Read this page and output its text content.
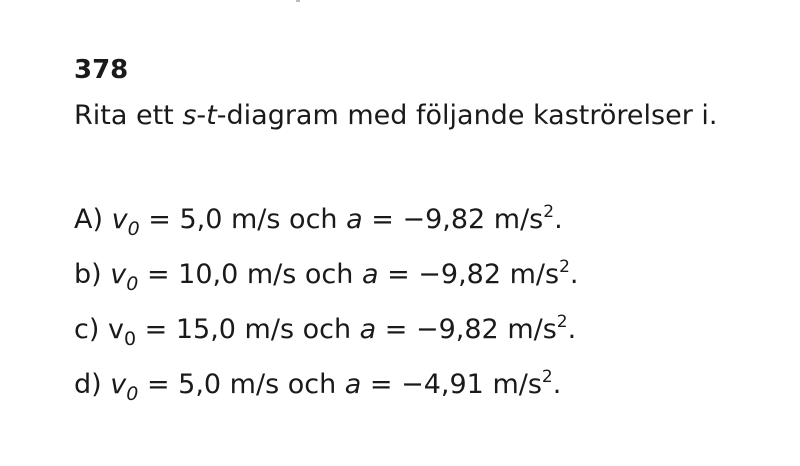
378

Rita ett s-t-diagram med följande kaströrelser i.

A) $v_0 = 5,0$ m/s och a = −9,82 $m/s^2$.
b) $v_0 = 10,0$ m/s och a = −9,82 $m/s^2$.
c) $v_0 = 15,0$ m/s och a = −9,82 $m/s^2$.
d) $v_0 = 5,0$ m/s och a = −4,91 $m/s^2$.
